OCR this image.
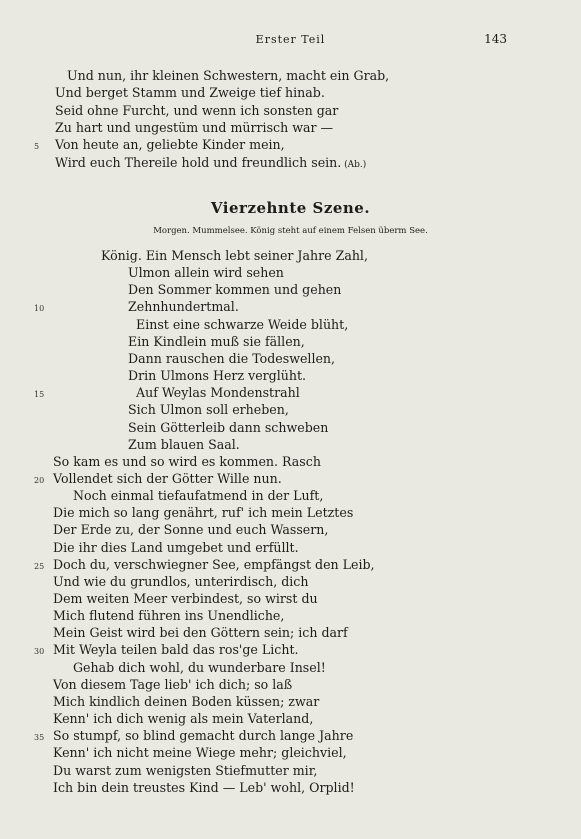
Erster Teil	143
Und nun, ihr kleinen Schwestern, macht ein Grab,
Und berget Stamm und Zweige tief hinab.
Seid ohne Furcht, und wenn ich sonsten gar
Zu hart und ungestüm und mürrisch war —
Von heute an, geliebte Kinder mein,
5
Wird euch Thereile hold und freundlich sein. (Ab.)
Vierzehnte Szene.
Morgen. Mummelsee. König steht auf einem Felsen überm See.
König. Ein Mensch lebt seiner Jahre Zahl,
Ulmon allein wird sehen
Den Sommer kommen und gehen
Zehnhundertmal.
10
Einst eine schwarze Weide blüht,
Ein Kindlein muß sie fällen,
Dann rauschen die Todeswellen,
Drin Ulmons Herz verglüht.
Auf Weylas Mondenstrahl
15
Sich Ulmon soll erheben,
Sein Götterleib dann schweben
Zum blauen Saal.
So kam es und so wird es kommen. Rasch
Vollendet sich der Götter Wille nun.
20
Noch einmal tiefaufatmend in der Luft,
Die mich so lang genährt, ruf' ich mein Letztes
Der Erde zu, der Sonne und euch Wassern,
Die ihr dies Land umgebet und erfüllt.
Doch du, verschwiegner See, empfängst den Leib,
25
Und wie du grundlos, unterirdisch, dich
Dem weiten Meer verbindest, so wirst du
Mich flutend führen ins Unendliche,
Mein Geist wird bei den Göttern sein; ich darf
Mit Weyla teilen bald das ros'ge Licht.
30
Gehab dich wohl, du wunderbare Insel!
Von diesem Tage lieb' ich dich; so laß
Mich kindlich deinen Boden küssen; zwar
Kenn' ich dich wenig als mein Vaterland,
So stumpf, so blind gemacht durch lange Jahre
35
Kenn' ich nicht meine Wiege mehr; gleichviel,
Du warst zum wenigsten Stiefmutter mir,
Ich bin dein treustes Kind — Leb' wohl, Orplid!
